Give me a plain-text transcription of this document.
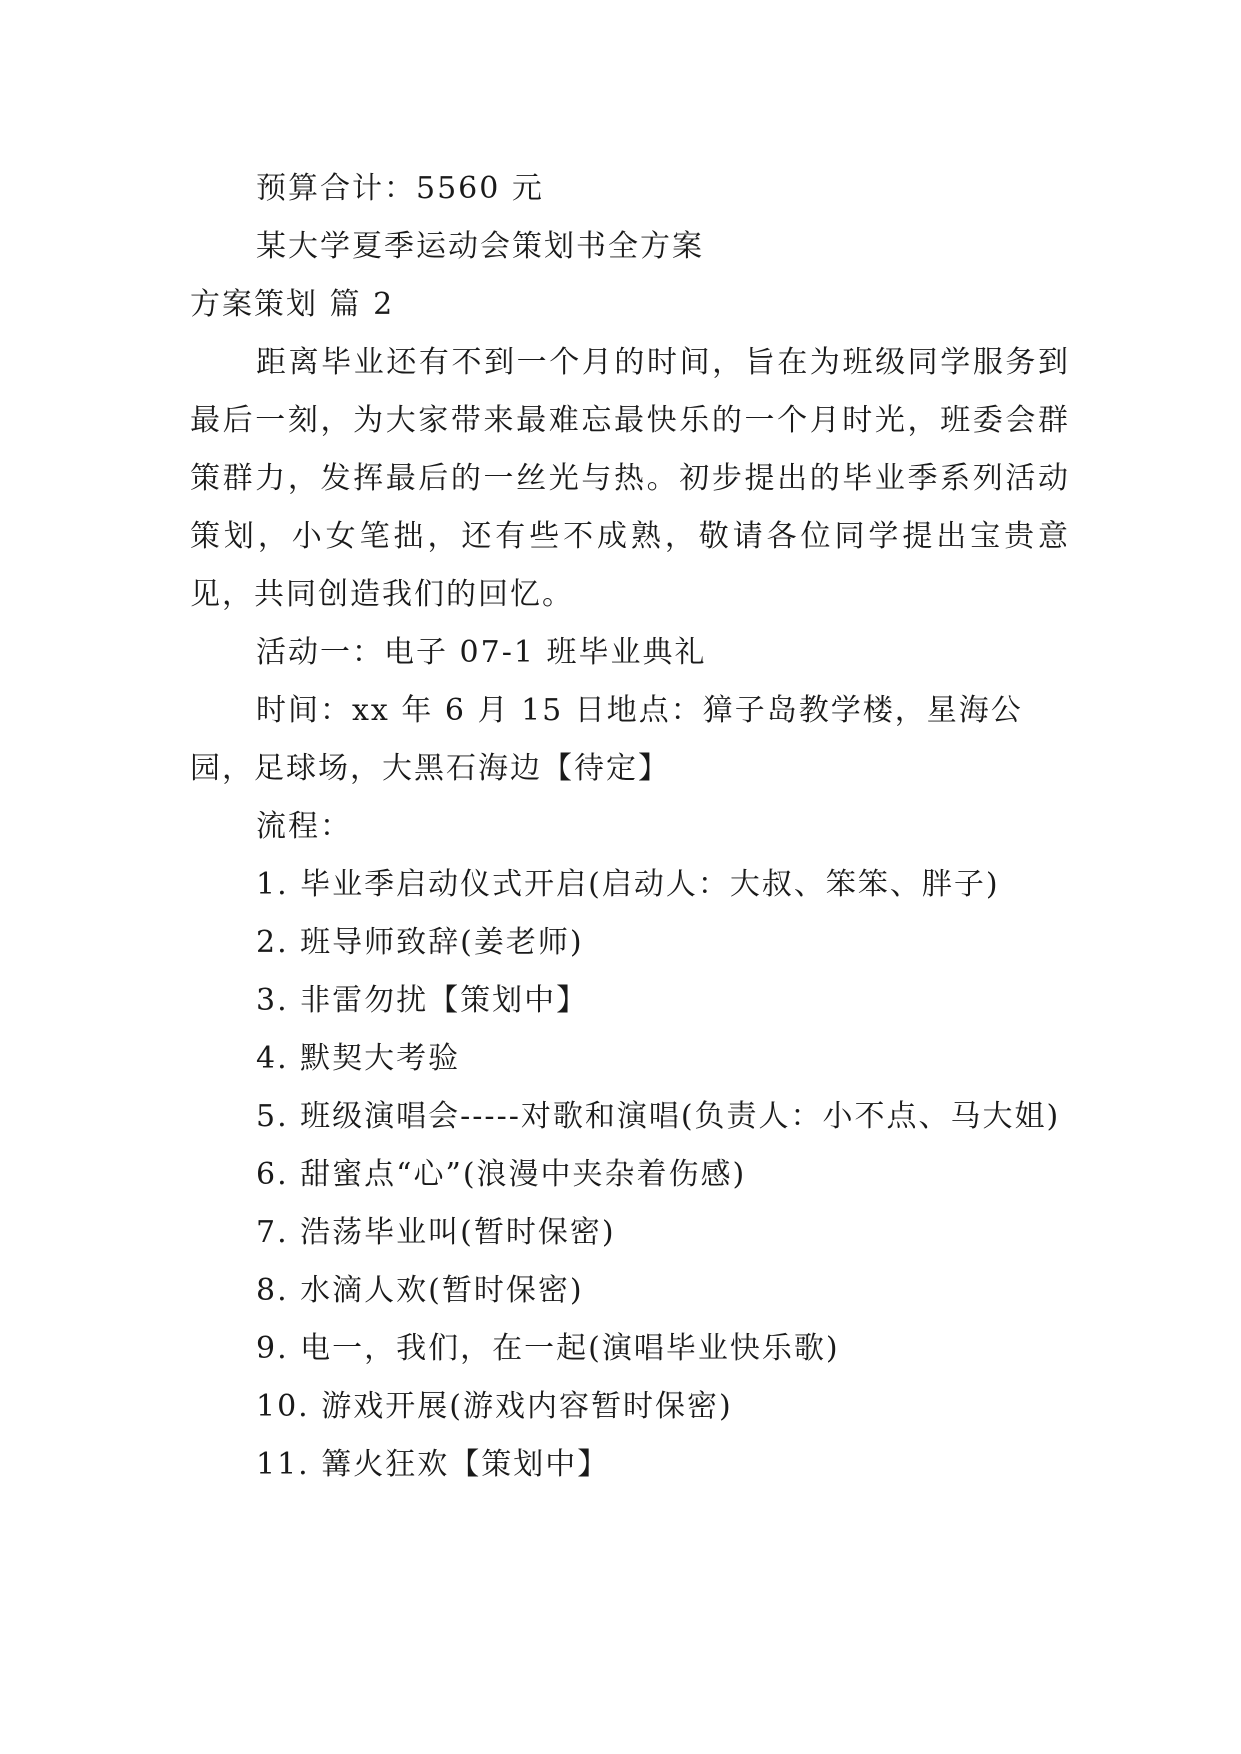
预算合计：5560 元

某大学夏季运动会策划书全方案

方案策划 篇 2

距离毕业还有不到一个月的时间，旨在为班级同学服务到最后一刻，为大家带来最难忘最快乐的一个月时光，班委会群策群力，发挥最后的一丝光与热。初步提出的毕业季系列活动策划，小女笔拙，还有些不成熟，敬请各位同学提出宝贵意见，共同创造我们的回忆。

活动一：电子 07-1 班毕业典礼

时间：xx 年 6 月 15 日地点：獐子岛教学楼，星海公园，足球场，大黑石海边【待定】

流程：

1. 毕业季启动仪式开启(启动人：大叔、笨笨、胖子)

2. 班导师致辞(姜老师)

3. 非雷勿扰【策划中】

4. 默契大考验

5. 班级演唱会-----对歌和演唱(负责人：小不点、马大姐)

6. 甜蜜点“心”(浪漫中夹杂着伤感)

7. 浩荡毕业叫(暂时保密)

8. 水滴人欢(暂时保密)

9. 电一，我们，在一起(演唱毕业快乐歌)

10. 游戏开展(游戏内容暂时保密)

11. 篝火狂欢【策划中】
